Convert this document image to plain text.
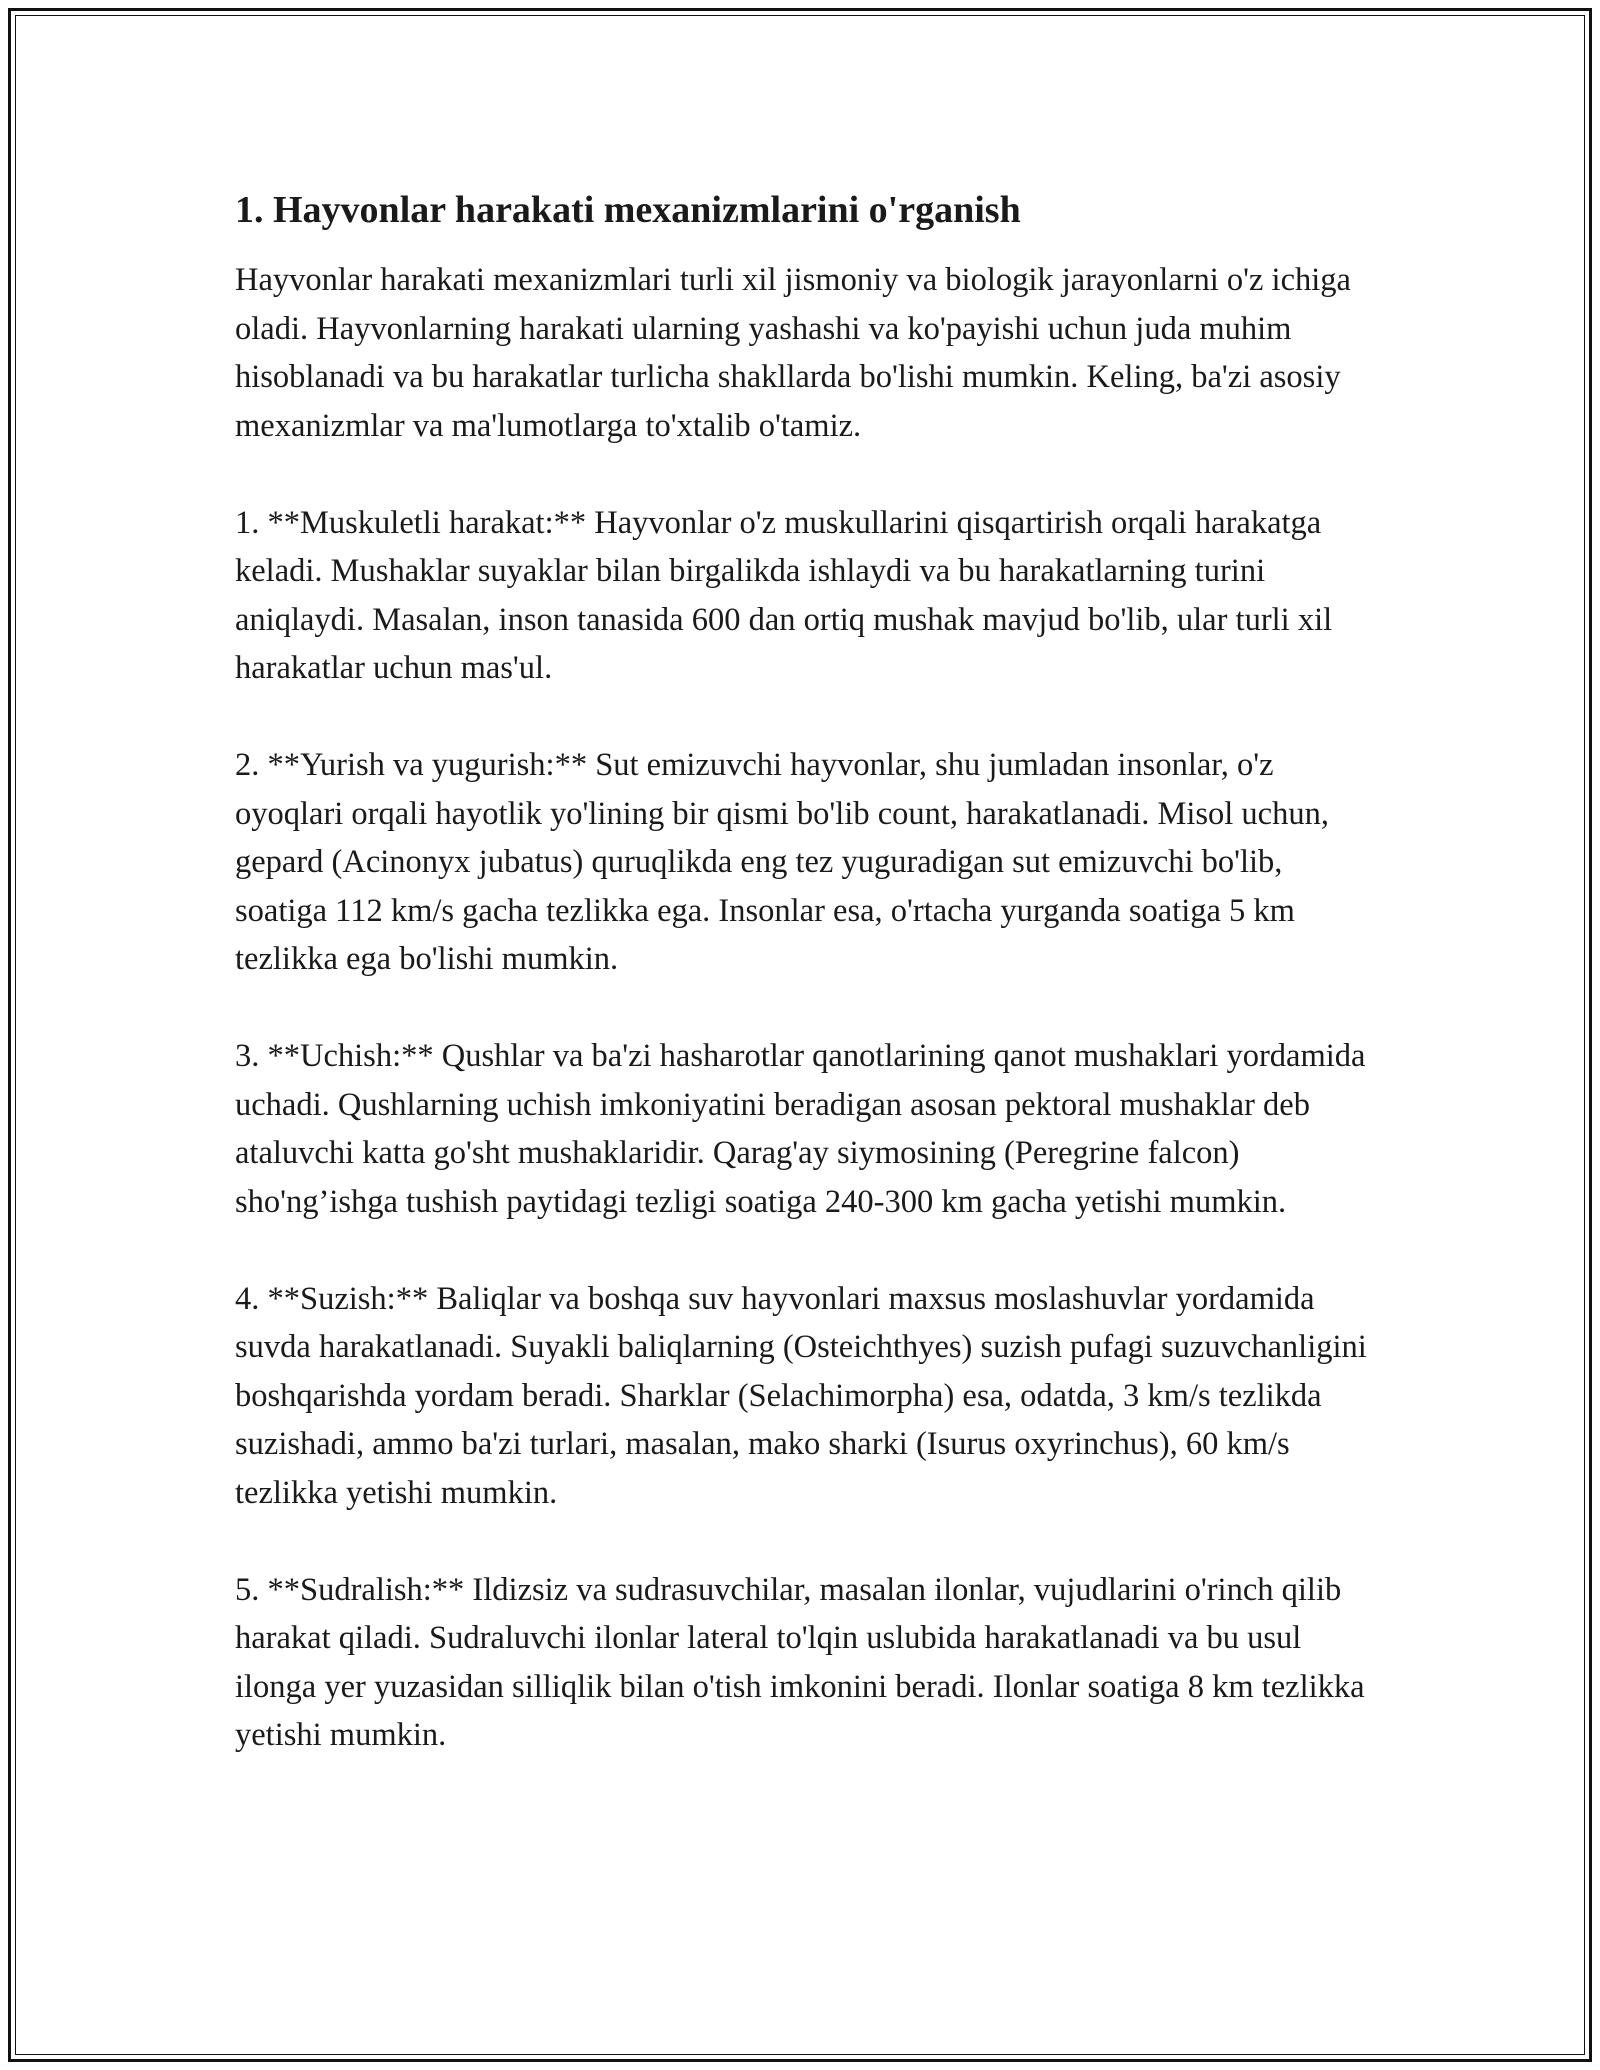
1. Hayvonlar harakati mexanizmlarini o'rganish

Hayvonlar harakati mexanizmlari turli xil jismoniy va biologik jarayonlarni o'z ichiga oladi. Hayvonlarning harakati ularning yashashi va ko'payishi uchun juda muhim hisoblanadi va bu harakatlar turlicha shakllarda bo'lishi mumkin. Keling, ba'zi asosiy mexanizmlar va ma'lumotlarga to'xtalib o'tamiz.

1. **Muskuletli harakat:** Hayvonlar o'z muskullarini qisqartirish orqali harakatga keladi. Mushaklar suyaklar bilan birgalikda ishlaydi va bu harakatlarning turini aniqlaydi. Masalan, inson tanasida 600 dan ortiq mushak mavjud bo'lib, ular turli xil harakatlar uchun mas'ul.

2. **Yurish va yugurish:** Sut emizuvchi hayvonlar, shu jumladan insonlar, o'z oyoqlari orqali hayotlik yo'lining bir qismi bo'lib count, harakatlanadi. Misol uchun, gepard (Acinonyx jubatus) quruqlikda eng tez yuguradigan sut emizuvchi bo'lib, soatiga 112 km/s gacha tezlikka ega. Insonlar esa, o'rtacha yurganda soatiga 5 km tezlikka ega bo'lishi mumkin.

3. **Uchish:** Qushlar va ba'zi hasharotlar qanotlarining qanot mushaklari yordamida uchadi. Qushlarning uchish imkoniyatini beradigan asosan pektoral mushaklar deb ataluvchi katta go'sht mushaklaridir. Qarag'ay siymosining (Peregrine falcon) sho'ng’ishga tushish paytidagi tezligi soatiga 240-300 km gacha yetishi mumkin.

4. **Suzish:** Baliqlar va boshqa suv hayvonlari maxsus moslashuvlar yordamida suvda harakatlanadi. Suyakli baliqlarning (Osteichthyes) suzish pufagi suzuvchanligini boshqarishda yordam beradi. Sharklar (Selachimorpha) esa, odatda, 3 km/s tezlikda suzishadi, ammo ba'zi turlari, masalan, mako sharki (Isurus oxyrinchus), 60 km/s tezlikka yetishi mumkin.

5. **Sudralish:** Ildizsiz va sudrasuvchilar, masalan ilonlar, vujudlarini o'rinch qilib harakat qiladi. Sudraluvchi ilonlar lateral to'lqin uslubida harakatlanadi va bu usul ilonga yer yuzasidan silliqlik bilan o'tish imkonini beradi. Ilonlar soatiga 8 km tezlikka yetishi mumkin.
